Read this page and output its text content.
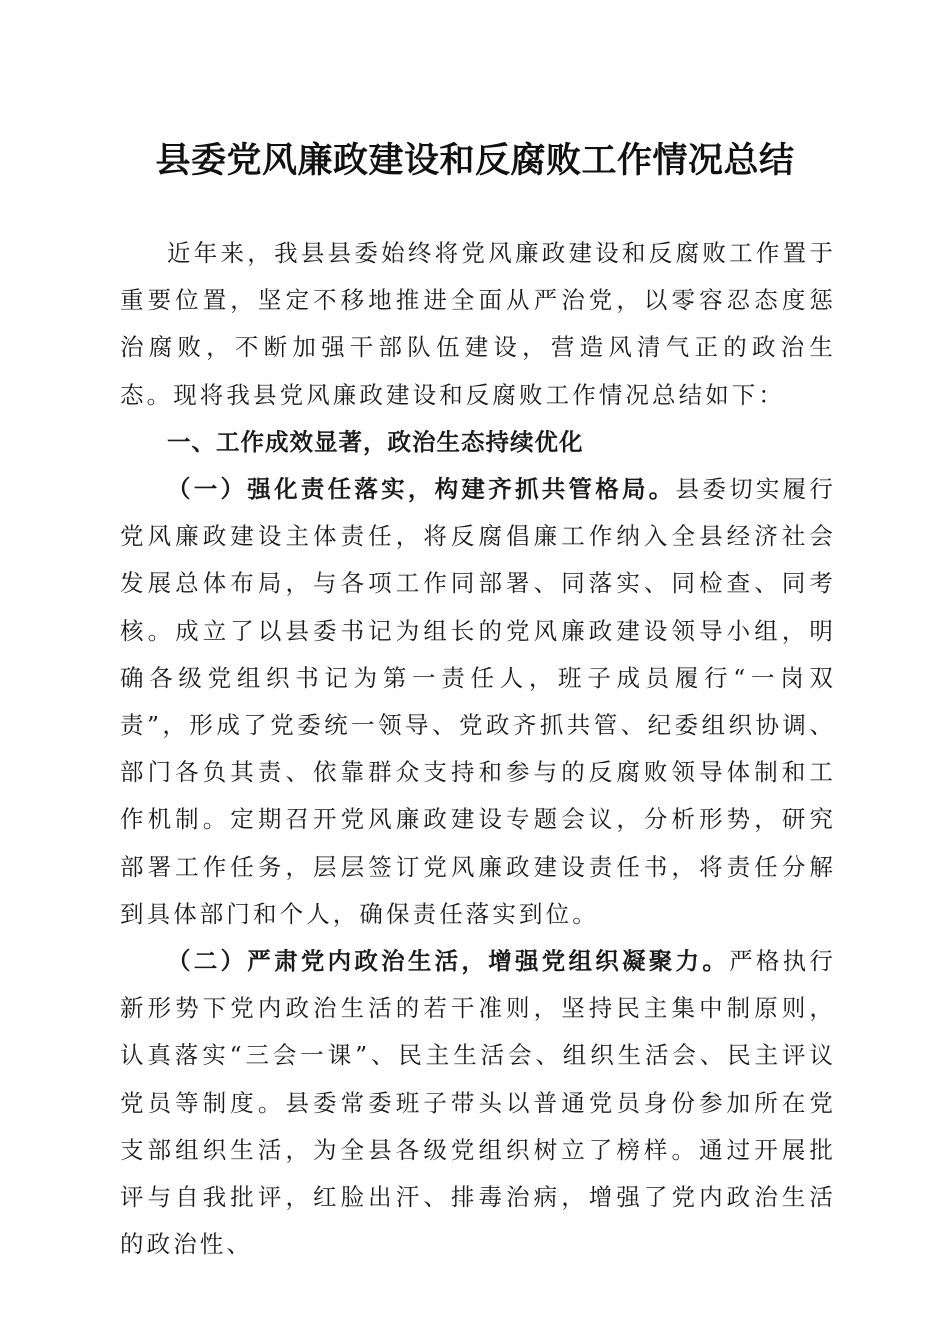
县委党风廉政建设和反腐败工作情况总结

近年来，我县县委始终将党风廉政建设和反腐败工作置于重要位置，坚定不移地推进全面从严治党，以零容忍态度惩治腐败，不断加强干部队伍建设，营造风清气正的政治生态。现将我县党风廉政建设和反腐败工作情况总结如下：

一、工作成效显著，政治生态持续优化

（一）强化责任落实，构建齐抓共管格局。县委切实履行党风廉政建设主体责任，将反腐倡廉工作纳入全县经济社会发展总体布局，与各项工作同部署、同落实、同检查、同考核。成立了以县委书记为组长的党风廉政建设领导小组，明确各级党组织书记为第一责任人，班子成员履行“一岗双责”，形成了党委统一领导、党政齐抓共管、纪委组织协调、部门各负其责、依靠群众支持和参与的反腐败领导体制和工作机制。定期召开党风廉政建设专题会议，分析形势，研究部署工作任务，层层签订党风廉政建设责任书，将责任分解到具体部门和个人，确保责任落实到位。

（二）严肃党内政治生活，增强党组织凝聚力。严格执行新形势下党内政治生活的若干准则，坚持民主集中制原则，认真落实“三会一课”、民主生活会、组织生活会、民主评议党员等制度。县委常委班子带头以普通党员身份参加所在党支部组织生活，为全县各级党组织树立了榜样。通过开展批评与自我批评，红脸出汗、排毒治病，增强了党内政治生活的政治性、
